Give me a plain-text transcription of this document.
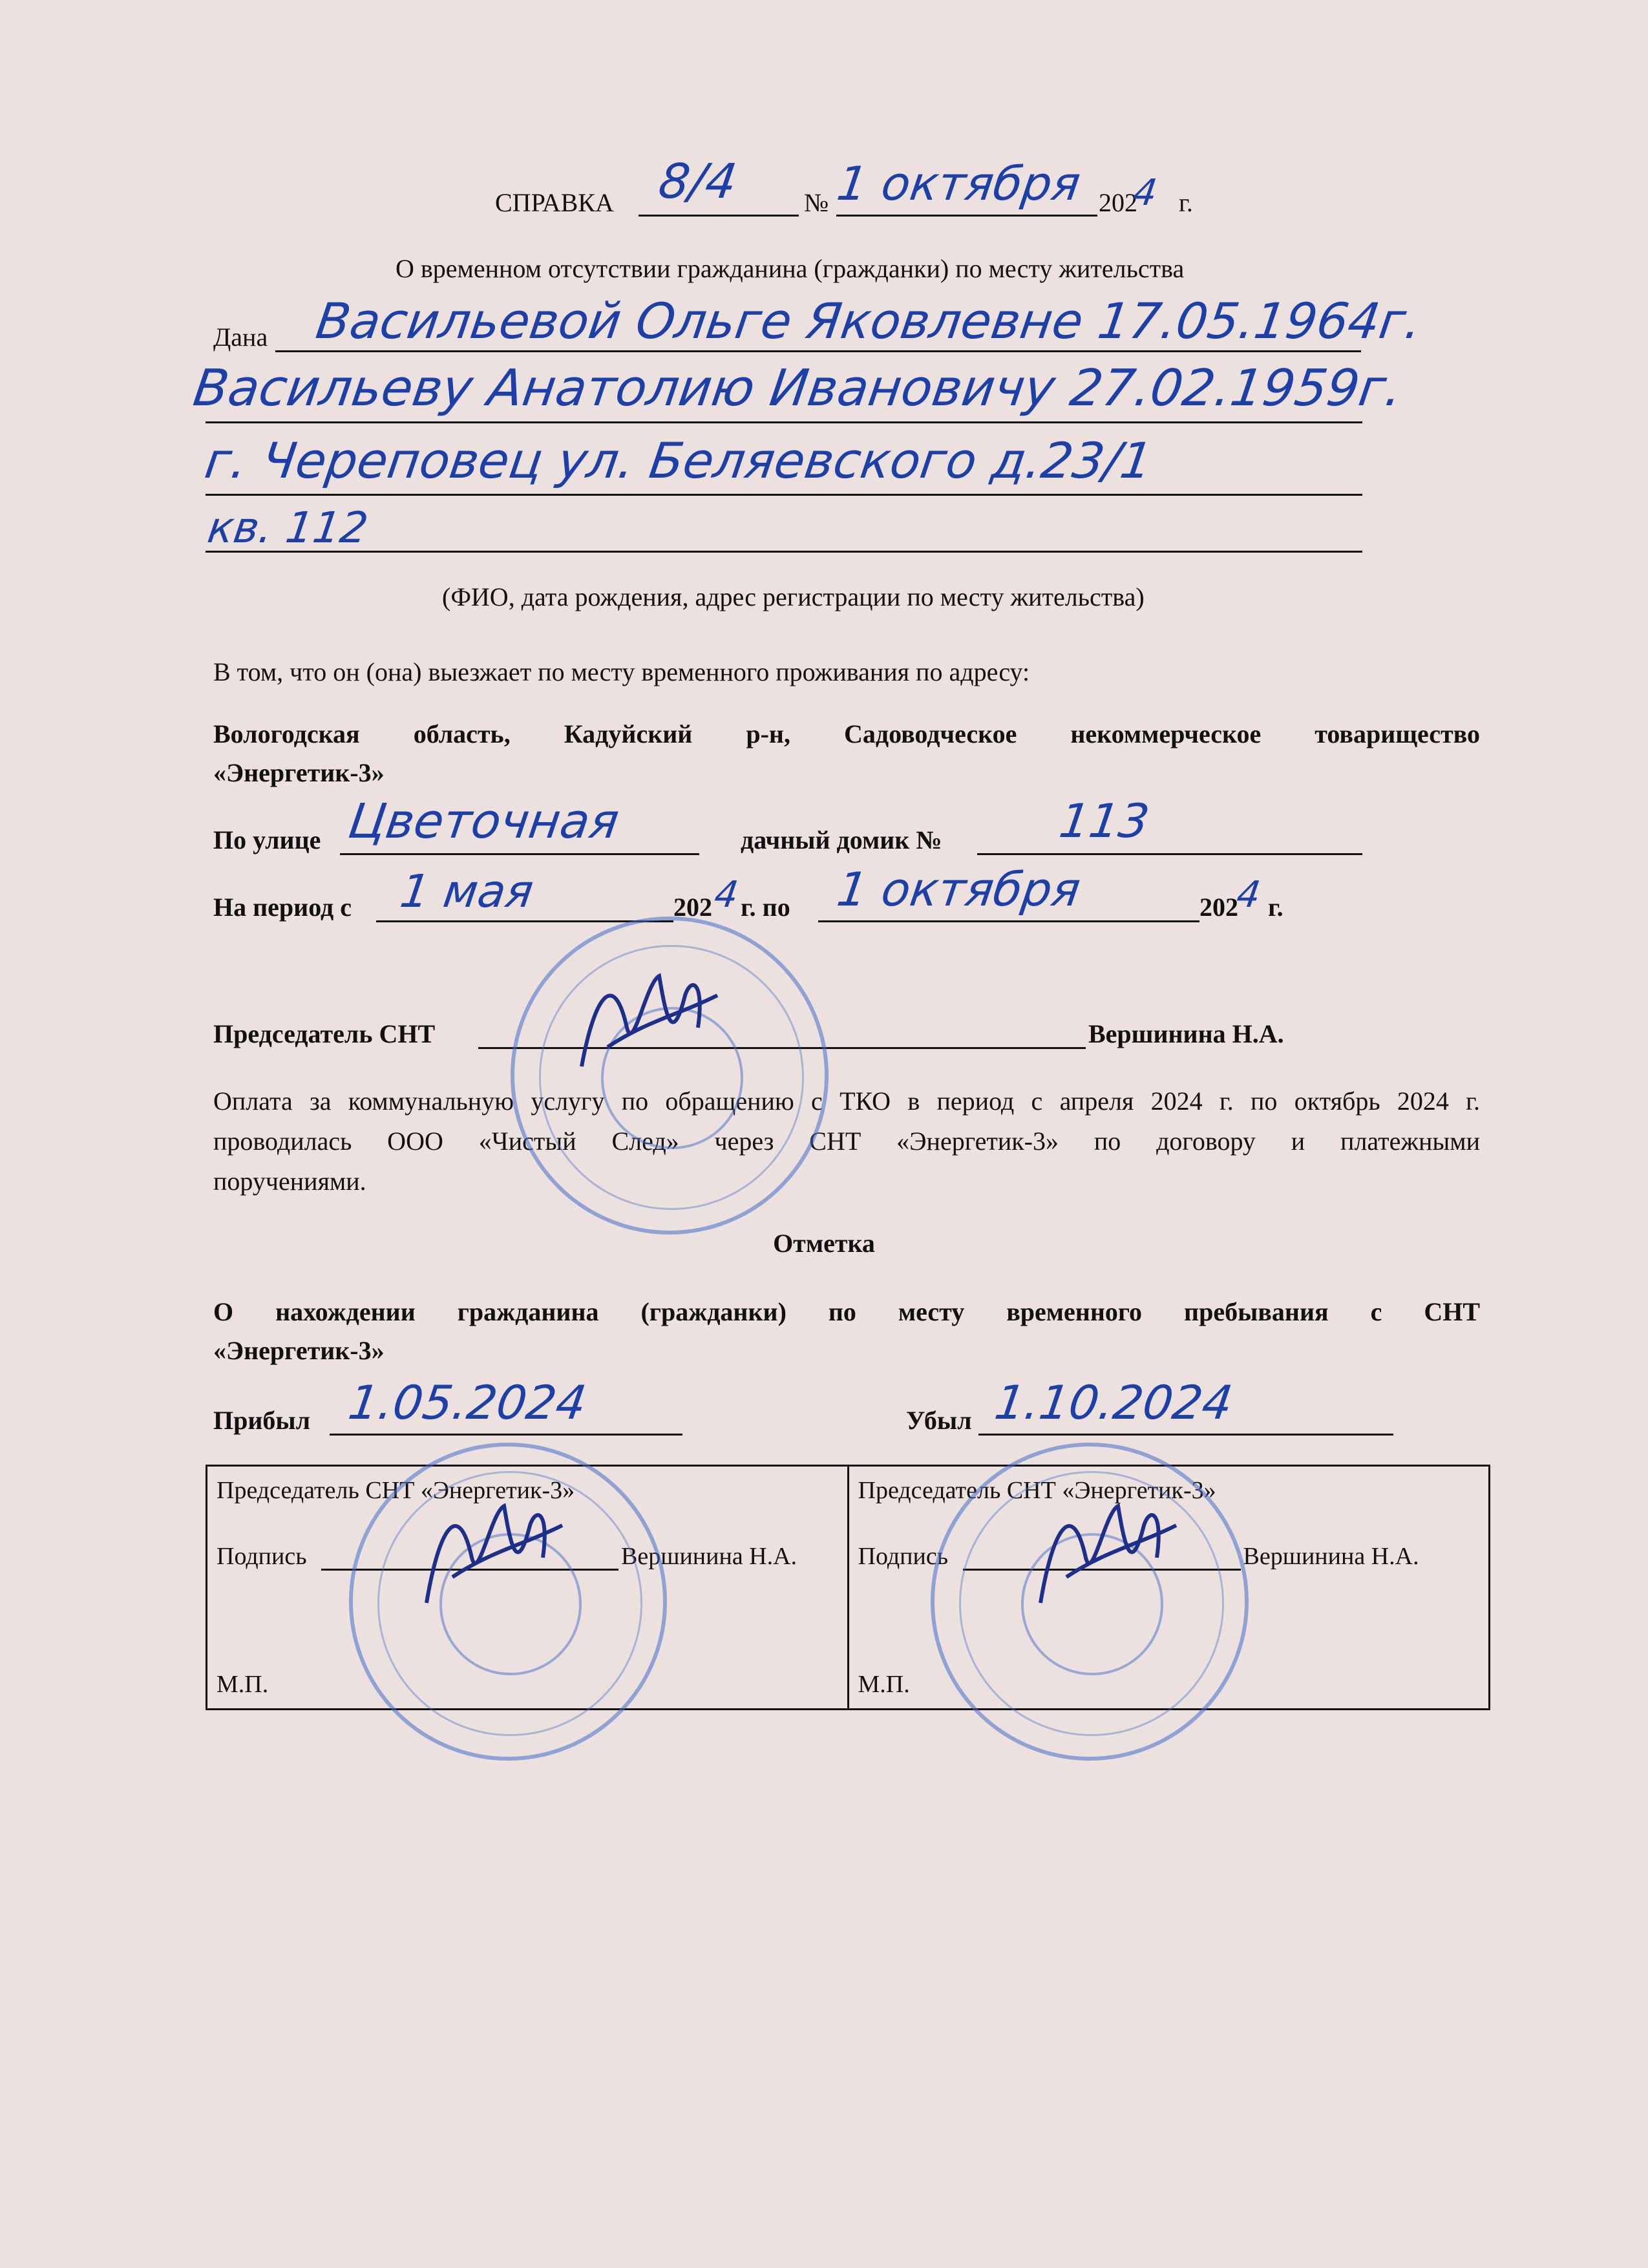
СПРАВКА 8/4 № 1 октября 202
4 г.
О временном отсутствии гражданина (гражданки) по месту жительства
Дана Васильевой Ольге Яковлевне 17.05.1964г.
Васильеву Анатолию Ивановичу 27.02.1959г.
г. Череповец ул. Беляевского д.23/1
кв. 112
(ФИО, дата рождения, адрес регистрации по месту жительства)
В том, что он (она) выезжает по месту временного проживания по адресу:
Вологодская область, Кадуйский р-н, Садоводческое некоммерческое товарищество
«Энергетик-3»
По улице Цветочная	дачный домик № 113
На период с 1 мая	202 4 г. по 1 октября	202
4 г.
Председатель СНТ	Вершинина Н.А.
Оплата за коммунальную услугу по обращению с ТКО в период с апреля 2024 г. по октябрь 2024 г.
проводилась ООО «Чистый След» через СНТ «Энергетик-3» по договору и платежными
поручениями.
Отметка
О нахождении гражданина (гражданки) по месту временного пребывания с СНТ
«Энергетик-3»
Прибыл 1.05.2024	Убыл 1.10.2024
Председатель СНТ «Энергетик-3»
Подпись	Вершинина Н.А.
М.П.

Председатель СНТ «Энергетик-3»
Подпись	Вершинина Н.А.
М.П.
